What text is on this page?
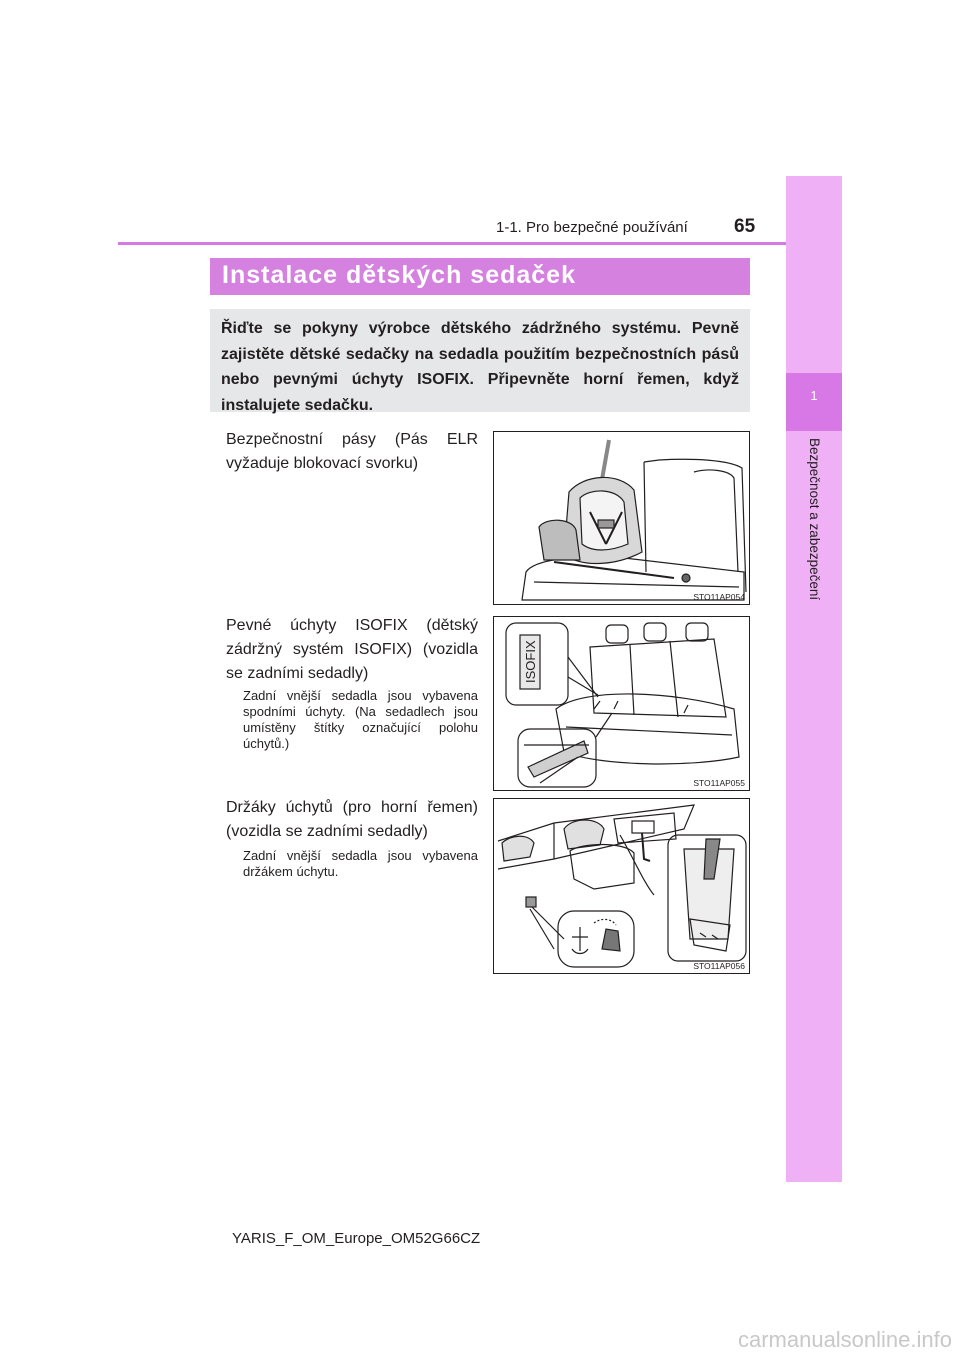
1
Bezpečnost a zabezpečení
1-1. Pro bezpečné používání 65
Instalace dětských sedaček

Řiďte se pokyny výrobce dětského zádržného systému. Pevně zajistěte dětské sedačky na sedadla použitím bezpečnostních pásů nebo pevnými úchyty ISOFIX. Připevněte horní řemen, když instalujete sedačku.

Bezpečnostní pásy (Pás ELR vyžaduje blokovací svorku)
Pevné úchyty ISOFIX (dětský zádržný systém ISOFIX) (vozidla se zadními sedadly)
Zadní vnější sedadla jsou vybavena spodními úchyty. (Na sedadlech jsou umístěny štítky označující polohu úchytů.)
Držáky úchytů (pro horní řemen) (vozidla se zadními sedadly)
Zadní vnější sedadla jsou vybavena držákem úchytu.
STO11AP054
ISOFIX
STO11AP055
STO11AP056
YARIS_F_OM_Europe_OM52G66CZ
carmanualsonline.info
